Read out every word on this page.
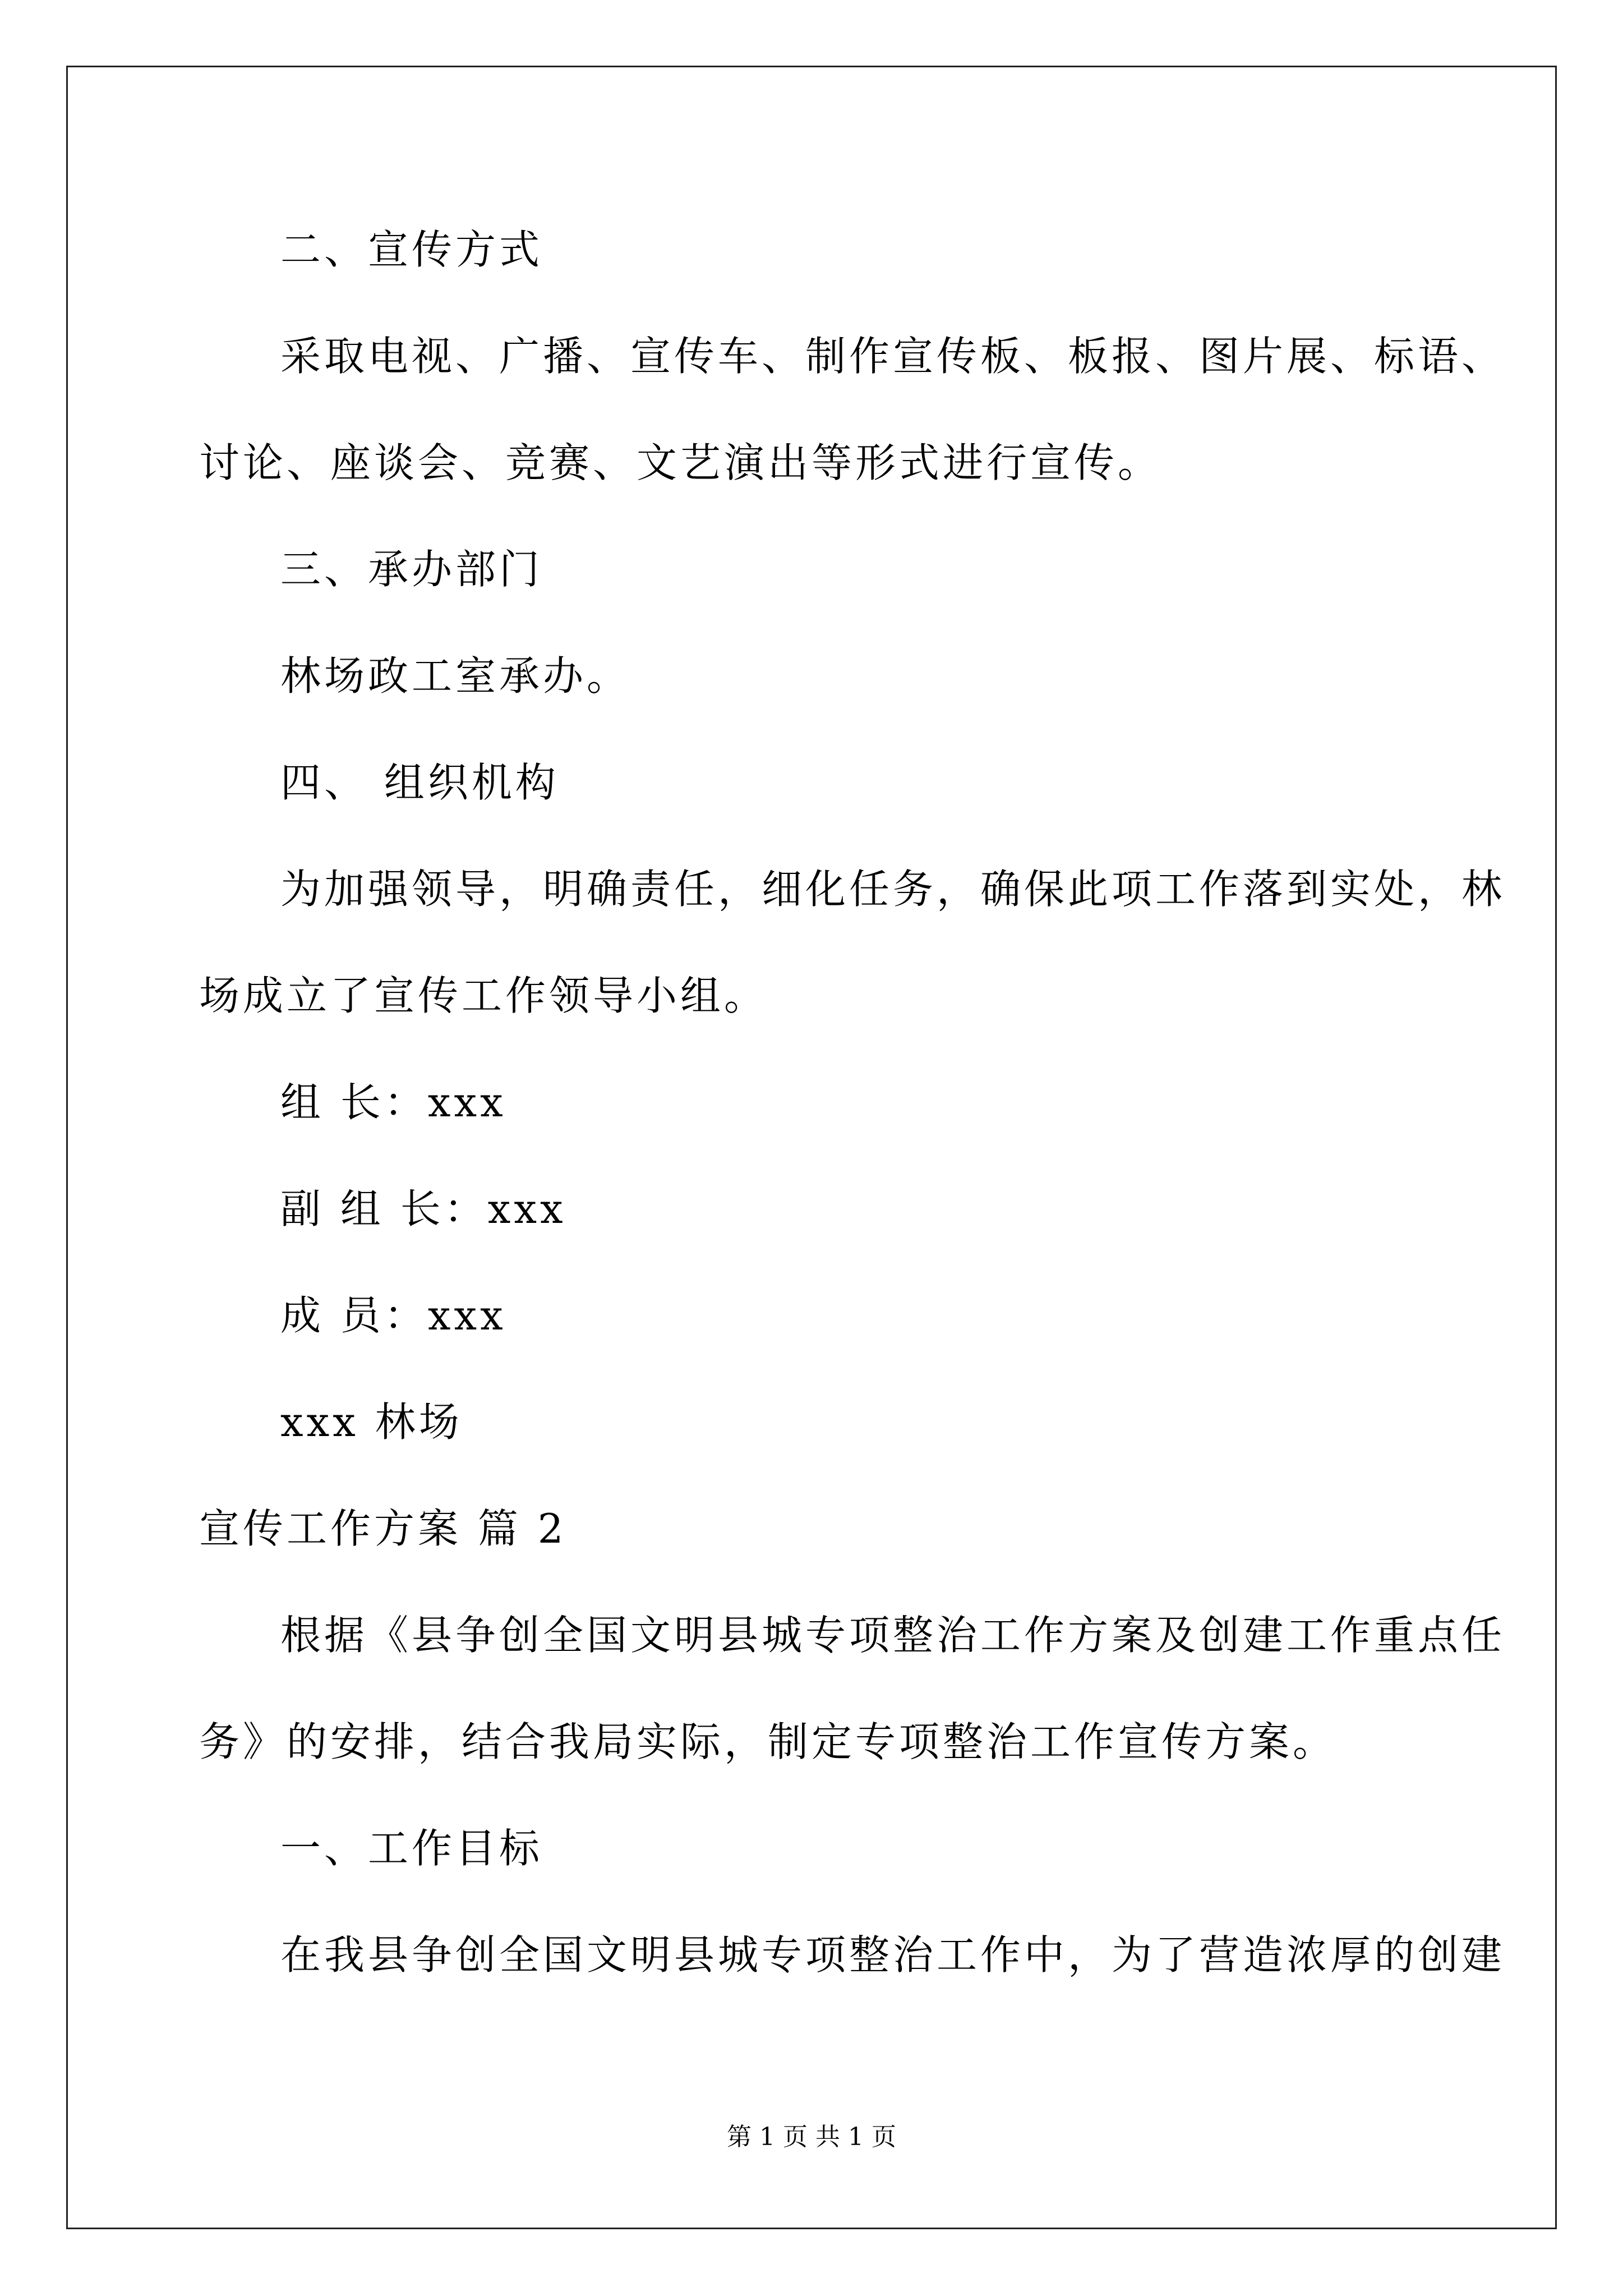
二、宣传方式
采取电视、广播、宣传车、制作宣传板、板报、图片展、标语、
讨论、座谈会、竞赛、文艺演出等形式进行宣传。
三、承办部门
林场政工室承办。
四、 组织机构
为加强领导，明确责任，细化任务，确保此项工作落到实处，林
场成立了宣传工作领导小组。
组 长：xxx
副 组 长：xxx
成 员：xxx
xxx 林场
宣传工作方案 篇 2
根据《县争创全国文明县城专项整治工作方案及创建工作重点任
务》的安排，结合我局实际，制定专项整治工作宣传方案。
一、工作目标
在我县争创全国文明县城专项整治工作中，为了营造浓厚的创建
第 1 页 共 1 页
